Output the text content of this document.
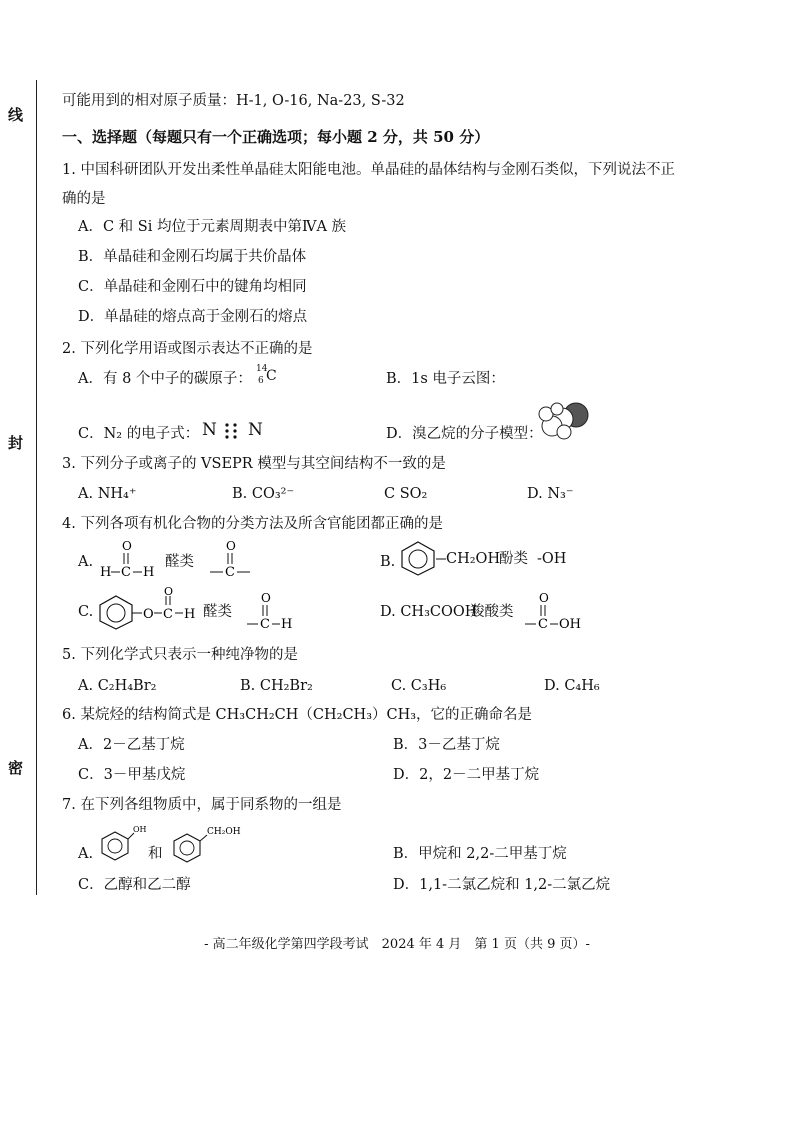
线
封
密
可能用到的相对原子质量：H-1, O-16, Na-23, S-32
一、选择题（每题只有一个正确选项；每小题 2 分，共 50 分）
1. 中国科研团队开发出柔性单晶硅太阳能电池。单晶硅的晶体结构与金刚石类似，下列说法不正
确的是
A．C 和 Si 均位于元素周期表中第ⅣA 族
B．单晶硅和金刚石均属于共价晶体
C．单晶硅和金刚石中的键角均相同
D．单晶硅的熔点高于金刚石的熔点
2. 下列化学用语或图示表达不正确的是
A．有 8 个中子的碳原子：
14
6 C	B．1s 电子云图：
C．N₂ 的电子式： N N	D．溴乙烷的分子模型：
3. 下列分子或离子的 VSEPR 模型与其空间结构不一致的是
A. NH₄⁺	B. CO₃²⁻	C SO₂	D. N₃⁻
4. 下列各项有机化合物的分类方法及所含官能团都正确的是
A.
O
H C H
醛类
O
C
B.	CH₂OH
酚类 -OH
C.	O C
O
H 醛类
O
C H
D. CH₃COOH
羧酸类
O
C OH
5. 下列化学式只表示一种纯净物的是
A. C₂H₄Br₂	B. CH₂Br₂	C. C₃H₆	D. C₄H₆
6. 某烷烃的结构简式是 CH₃CH₂CH（CH₂CH₃）CH₃，它的正确命名是
A．2－乙基丁烷	B．3－乙基丁烷
C．3－甲基戊烷	D．2，2－二甲基丁烷
7. 在下列各组物质中，属于同系物的一组是
A.
OH
和
CH₂OH
B．甲烷和 2,2-二甲基丁烷
C．乙醇和乙二醇	D．1,1-二氯乙烷和 1,2-二氯乙烷
- 高二年级化学第四学段考试　2024 年 4 月　第 1 页（共 9 页）-
